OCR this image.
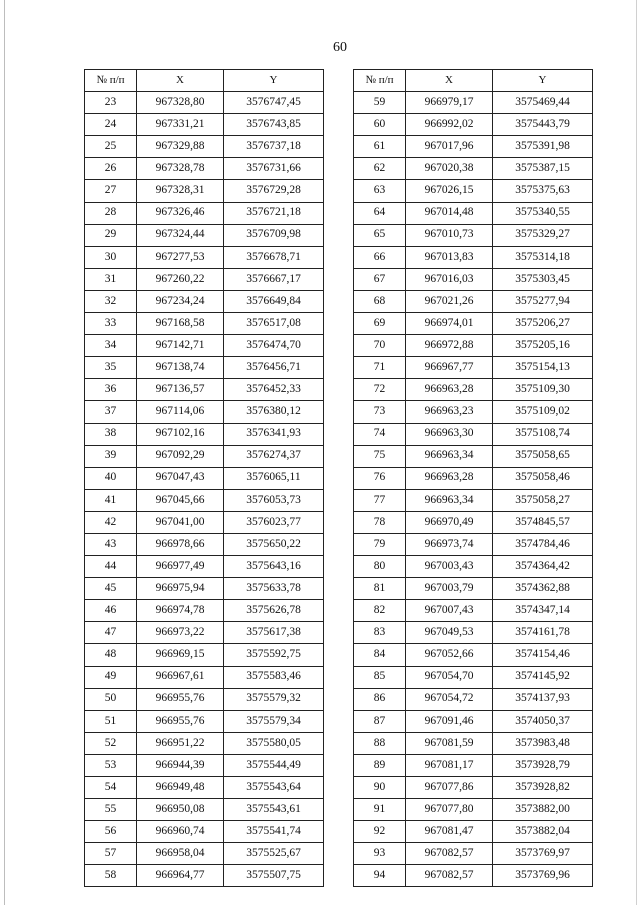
60
№ п/п	X	Y
23	967328,80	3576747,45
24	967331,21	3576743,85
25	967329,88	3576737,18
26	967328,78	3576731,66
27	967328,31	3576729,28
28	967326,46	3576721,18
29	967324,44	3576709,98
30	967277,53	3576678,71
31	967260,22	3576667,17
32	967234,24	3576649,84
33	967168,58	3576517,08
34	967142,71	3576474,70
35	967138,74	3576456,71
36	967136,57	3576452,33
37	967114,06	3576380,12
38	967102,16	3576341,93
39	967092,29	3576274,37
40	967047,43	3576065,11
41	967045,66	3576053,73
42	967041,00	3576023,77
43	966978,66	3575650,22
44	966977,49	3575643,16
45	966975,94	3575633,78
46	966974,78	3575626,78
47	966973,22	3575617,38
48	966969,15	3575592,75
49	966967,61	3575583,46
50	966955,76	3575579,32
51	966955,76	3575579,34
52	966951,22	3575580,05
53	966944,39	3575544,49
54	966949,48	3575543,64
55	966950,08	3575543,61
56	966960,74	3575541,74
57	966958,04	3575525,67
58	966964,77	3575507,75
№ п/п	X	Y
59	966979,17	3575469,44
60	966992,02	3575443,79
61	967017,96	3575391,98
62	967020,38	3575387,15
63	967026,15	3575375,63
64	967014,48	3575340,55
65	967010,73	3575329,27
66	967013,83	3575314,18
67	967016,03	3575303,45
68	967021,26	3575277,94
69	966974,01	3575206,27
70	966972,88	3575205,16
71	966967,77	3575154,13
72	966963,28	3575109,30
73	966963,23	3575109,02
74	966963,30	3575108,74
75	966963,34	3575058,65
76	966963,28	3575058,46
77	966963,34	3575058,27
78	966970,49	3574845,57
79	966973,74	3574784,46
80	967003,43	3574364,42
81	967003,79	3574362,88
82	967007,43	3574347,14
83	967049,53	3574161,78
84	967052,66	3574154,46
85	967054,70	3574145,92
86	967054,72	3574137,93
87	967091,46	3574050,37
88	967081,59	3573983,48
89	967081,17	3573928,79
90	967077,86	3573928,82
91	967077,80	3573882,00
92	967081,47	3573882,04
93	967082,57	3573769,97
94	967082,57	3573769,96
